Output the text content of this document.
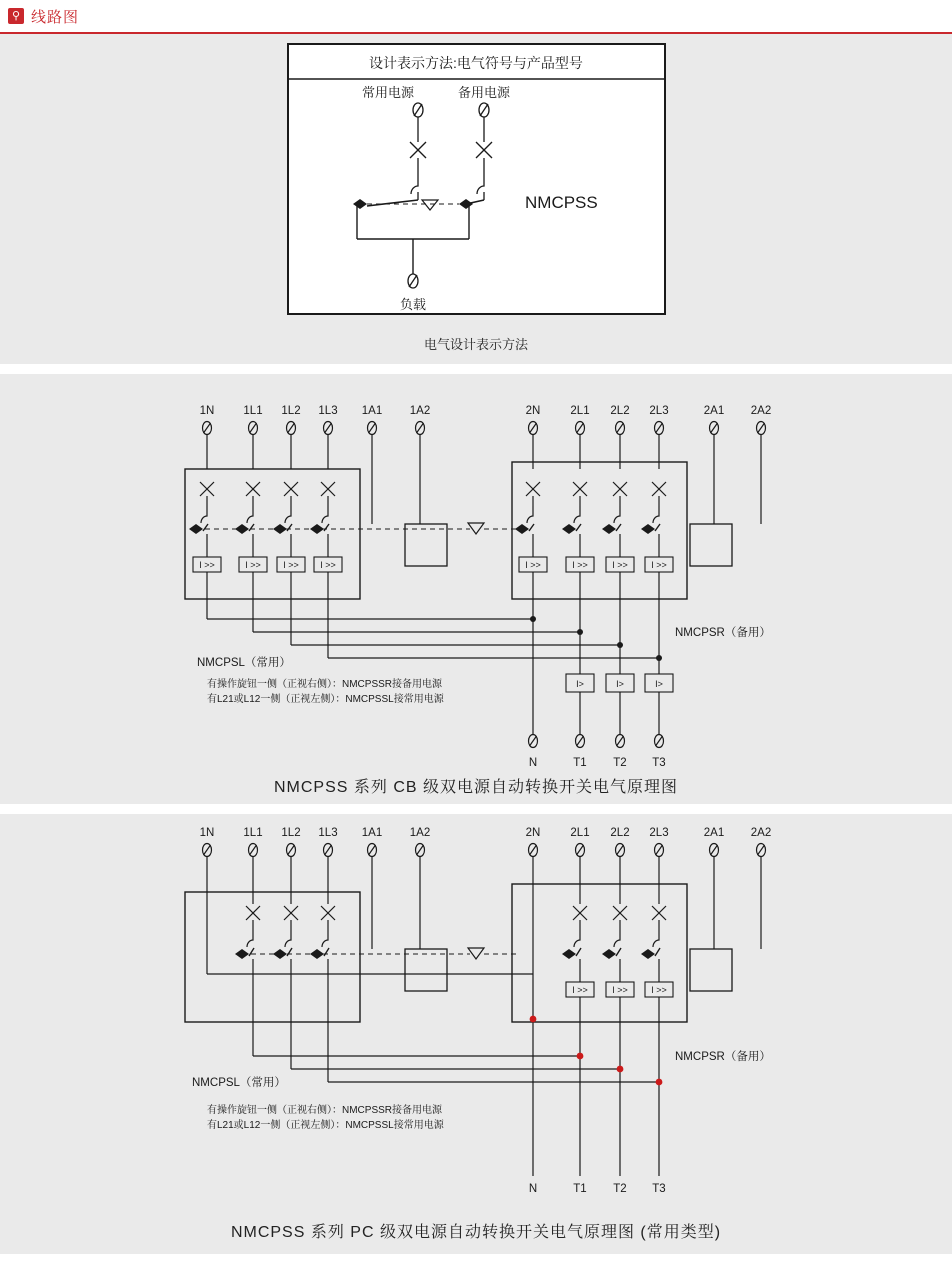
⚲ 线路图
设计表示方法:电气符号与产品型号
常用电源	备用电源
负载
NMCPSS
电气设计表示方法
1N	1L1 1L2 1L3 1A1 1A2
I >>	I >> I >> I >>
2N	2L1 2L2 2L3	2A1 2A2
I >>	I >>	I >>	I >>
I>	I>	I>
N	T1 T2 T3
NMCPSR（备用）
NMCPSL（常用）
有操作旋钮一侧（正视右侧）：NMCPSSR接备用电源
有L21或L12一侧（正视左侧）：NMCPSSL接常用电源
NMCPSS 系列 CB 级双电源自动转换开关电气原理图
1N	1L1 1L2 1L3 1A1 1A2	2N	2L1 2L2 2L3	2A1 2A2
I >>	I >>	I >>
N	T1 T2 T3
NMCPSR（备用）
NMCPSL（常用）
有操作旋钮一侧（正视右侧）：NMCPSSR接备用电源
有L21或L12一侧（正视左侧）：NMCPSSL接常用电源
NMCPSS 系列 PC 级双电源自动转换开关电气原理图 (常用类型)
